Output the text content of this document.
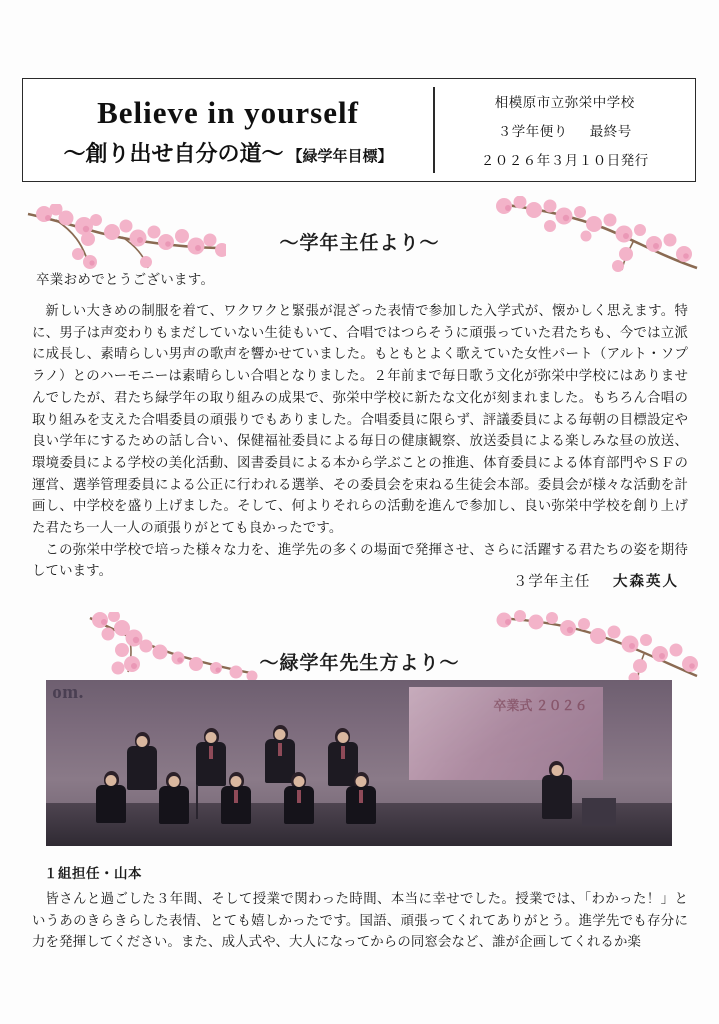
Believe in yourself
〜創り出せ自分の道〜 【緑学年目標】
相模原市立弥栄中学校
３学年便り 最終号
２０２６年３月１０日発行
〜学年主任より〜
卒業おめでとうございます。

新しい大きめの制服を着て、ワクワクと緊張が混ざった表情で参加した入学式が、懐かしく思えます。特に、男子は声変わりもまだしていない生徒もいて、合唱ではつらそうに頑張っていた君たちも、今では立派に成長し、素晴らしい男声の歌声を響かせていました。もともとよく歌えていた女性パート（アルト・ソプラノ）とのハーモニーは素晴らしい合唱となりました。２年前まで毎日歌う文化が弥栄中学校にはありませんでしたが、君たち緑学年の取り組みの成果で、弥栄中学校に新たな文化が刻まれました。もちろん合唱の取り組みを支えた合唱委員の頑張りでもありました。合唱委員に限らず、評議委員による毎朝の目標設定や良い学年にするための話し合い、保健福祉委員による毎日の健康観察、放送委員による楽しみな昼の放送、環境委員による学校の美化活動、図書委員による本から学ぶことの推進、体育委員による体育部門やＳＦの運営、選挙管理委員による公正に行われる選挙、その委員会を束ねる生徒会本部。委員会が様々な活動を計画し、中学校を盛り上げました。そして、何よりそれらの活動を進んで参加し、良い弥栄中学校を創り上げた君たち一人一人の頑張りがとても良かったです。

この弥栄中学校で培った様々な力を、進学先の多くの場面で発揮させ、さらに活躍する君たちの姿を期待しています。

３学年主任 大森英人
〜緑学年先生方より〜
卒業式 ２０２６
om.
１組担任・山本

皆さんと過ごした３年間、そして授業で関わった時間、本当に幸せでした。授業では、「わかった！」というあのきらきらした表情、とても嬉しかったです。国語、頑張ってくれてありがとう。進学先でも存分に力を発揮してください。また、成人式や、大人になってからの同窓会など、誰が企画してくれるか楽
